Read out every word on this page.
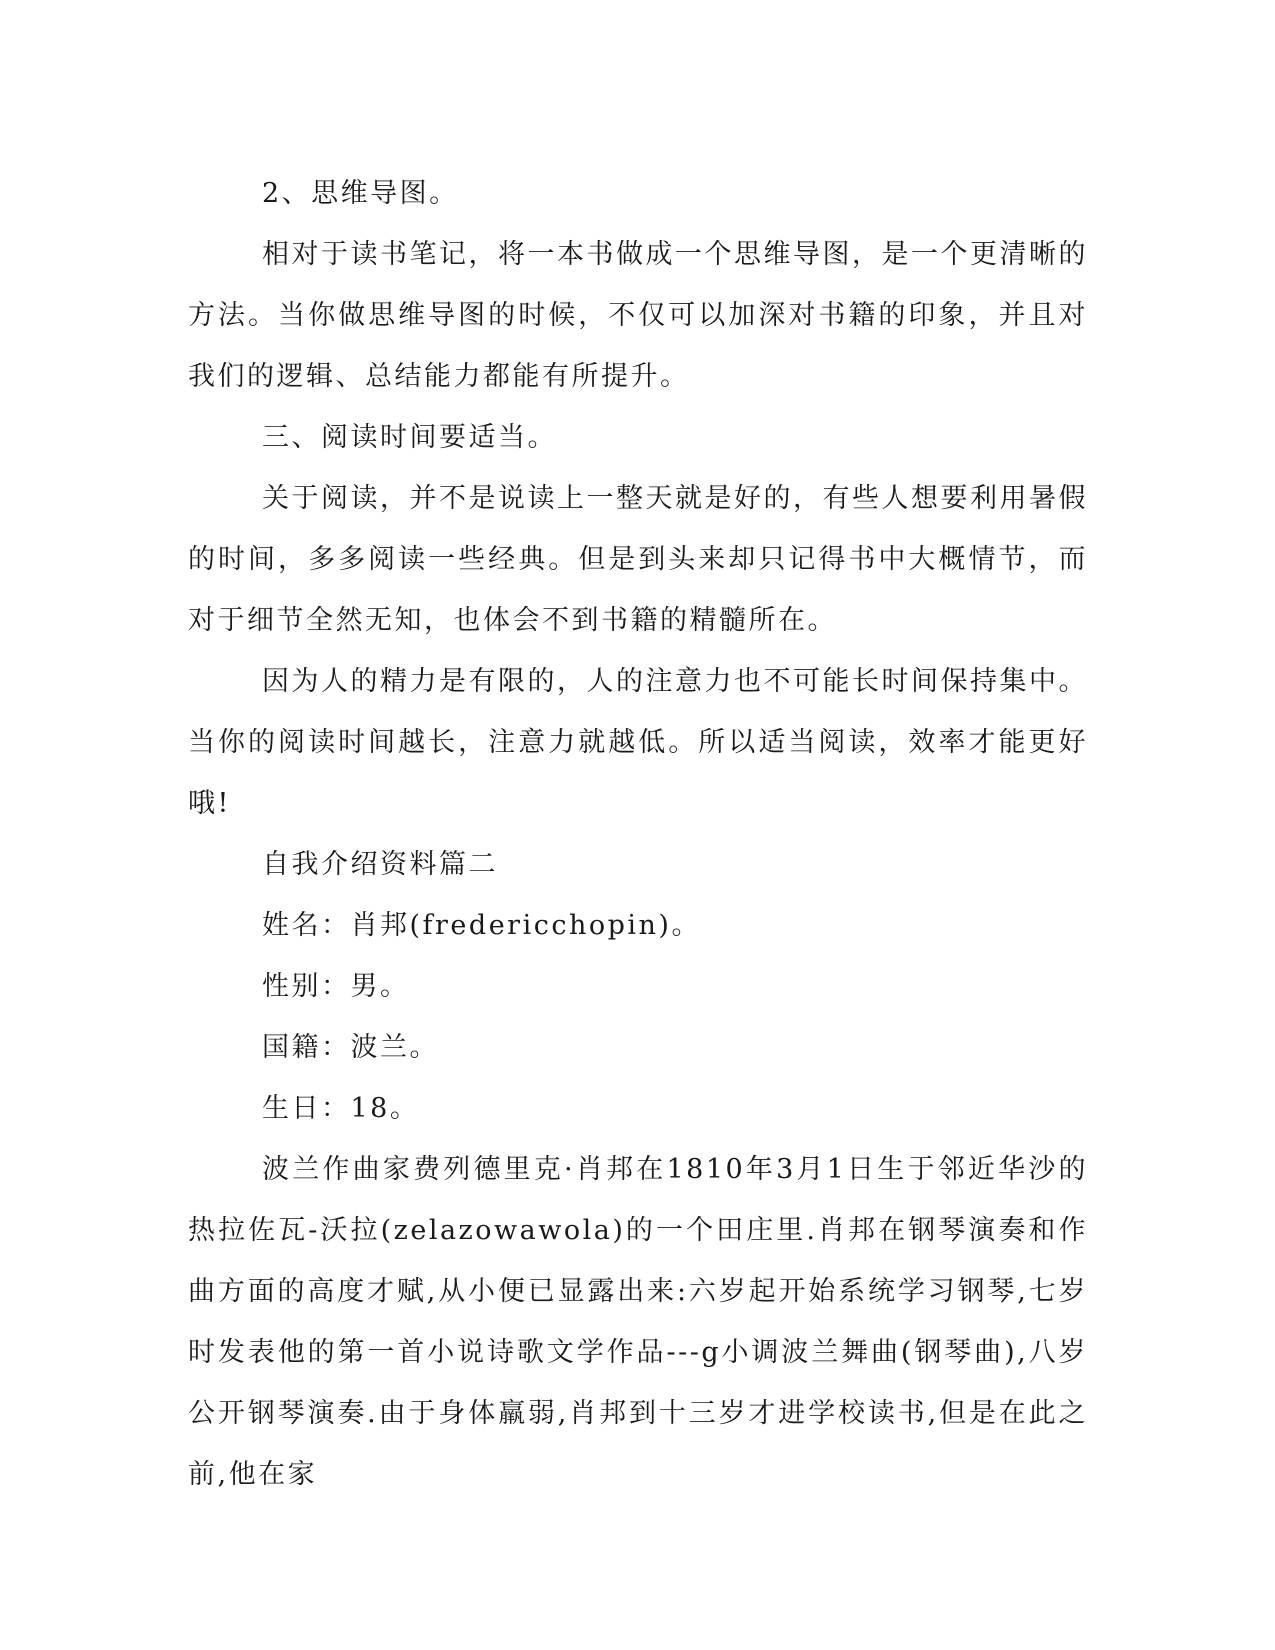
2、思维导图。

相对于读书笔记，将一本书做成一个思维导图，是一个更清晰的方法。当你做思维导图的时候，不仅可以加深对书籍的印象，并且对我们的逻辑、总结能力都能有所提升。

三、阅读时间要适当。

关于阅读，并不是说读上一整天就是好的，有些人想要利用暑假的时间，多多阅读一些经典。但是到头来却只记得书中大概情节，而对于细节全然无知，也体会不到书籍的精髓所在。

因为人的精力是有限的，人的注意力也不可能长时间保持集中。当你的阅读时间越长，注意力就越低。所以适当阅读，效率才能更好哦!

自我介绍资料篇二

姓名：肖邦(fredericchopin)。

性别：男。

国籍：波兰。

生日：18。

波兰作曲家费列德里克·肖邦在1810年3月1日生于邻近华沙的热拉佐瓦-沃拉(zelazowawola)的一个田庄里.肖邦在钢琴演奏和作曲方面的高度才赋,从小便已显露出来:六岁起开始系统学习钢琴,七岁时发表他的第一首小说诗歌文学作品---g小调波兰舞曲(钢琴曲),八岁公开钢琴演奏.由于身体羸弱,肖邦到十三岁才进学校读书,但是在此之前,他在家
